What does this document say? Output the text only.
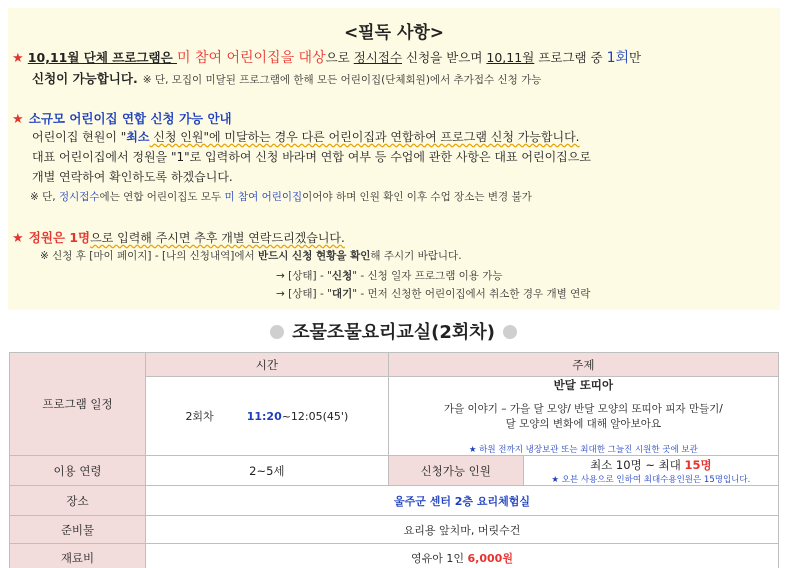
<필독 사항>
★ 10,11월 단체 프로그램은 미 참여 어린이집을 대상으로 정시접수 신청을 받으며 10,11월 프로그램 중 1회만
신청이 가능합니다. ※ 단, 모집이 미달된 프로그램에 한해 모든 어린이집(단체회원)에서 추가접수 신청 가능
★ 소규모 어린이집 연합 신청 가능 안내
어린이집 현원이 "최소 신청 인원"에 미달하는 경우 다른 어린이집과 연합하여 프로그램 신청 가능합니다.
대표 어린이집에서 정원을 "1"로 입력하여 신청 바라며 연합 여부 등 수업에 관한 사항은 대표 어린이집으로
개별 연락하여 확인하도록 하겠습니다.
※ 단, 정시접수에는 연합 어린이집도 모두 미 참여 어린이집이어야 하며 인원 확인 이후 수업 장소는 변경 불가
★ 정원은 1명으로 입력해 주시면 추후 개별 연락드리겠습니다.
※ 신청 후 [마이 페이지] - [나의 신청내역]에서 반드시 신청 현황을 확인해 주시기 바랍니다.
→ [상태] - "신청" - 신청 일자 프로그램 이용 가능
→ [상태] - "대기" - 먼저 신청한 어린이집에서 취소한 경우 개별 연락
조물조물요리교실(2회차)
프로그램 일정	시간	주제	
	2회차 11:20~12:05(45')	반달 또띠아
가을 이야기 – 가을 달 모양/ 반달 모양의 또띠아 피자 만들기/
달 모양의 변화에 대해 알아보아요
★ 하원 전까지 냉장보관 또는 최대한 그늘진 시원한 곳에 보관	

이용 연령	2~5세	신청가능 인원	최소 10명 ~ 최대 15명
★ 오븐 사용으로 인하여 최대수용인원은 15명입니다.

장소	울주군 센터 2층 요리체험실		
준비물	요리용 앞치마, 머릿수건		
재료비	영유아 1인 6,000원		
